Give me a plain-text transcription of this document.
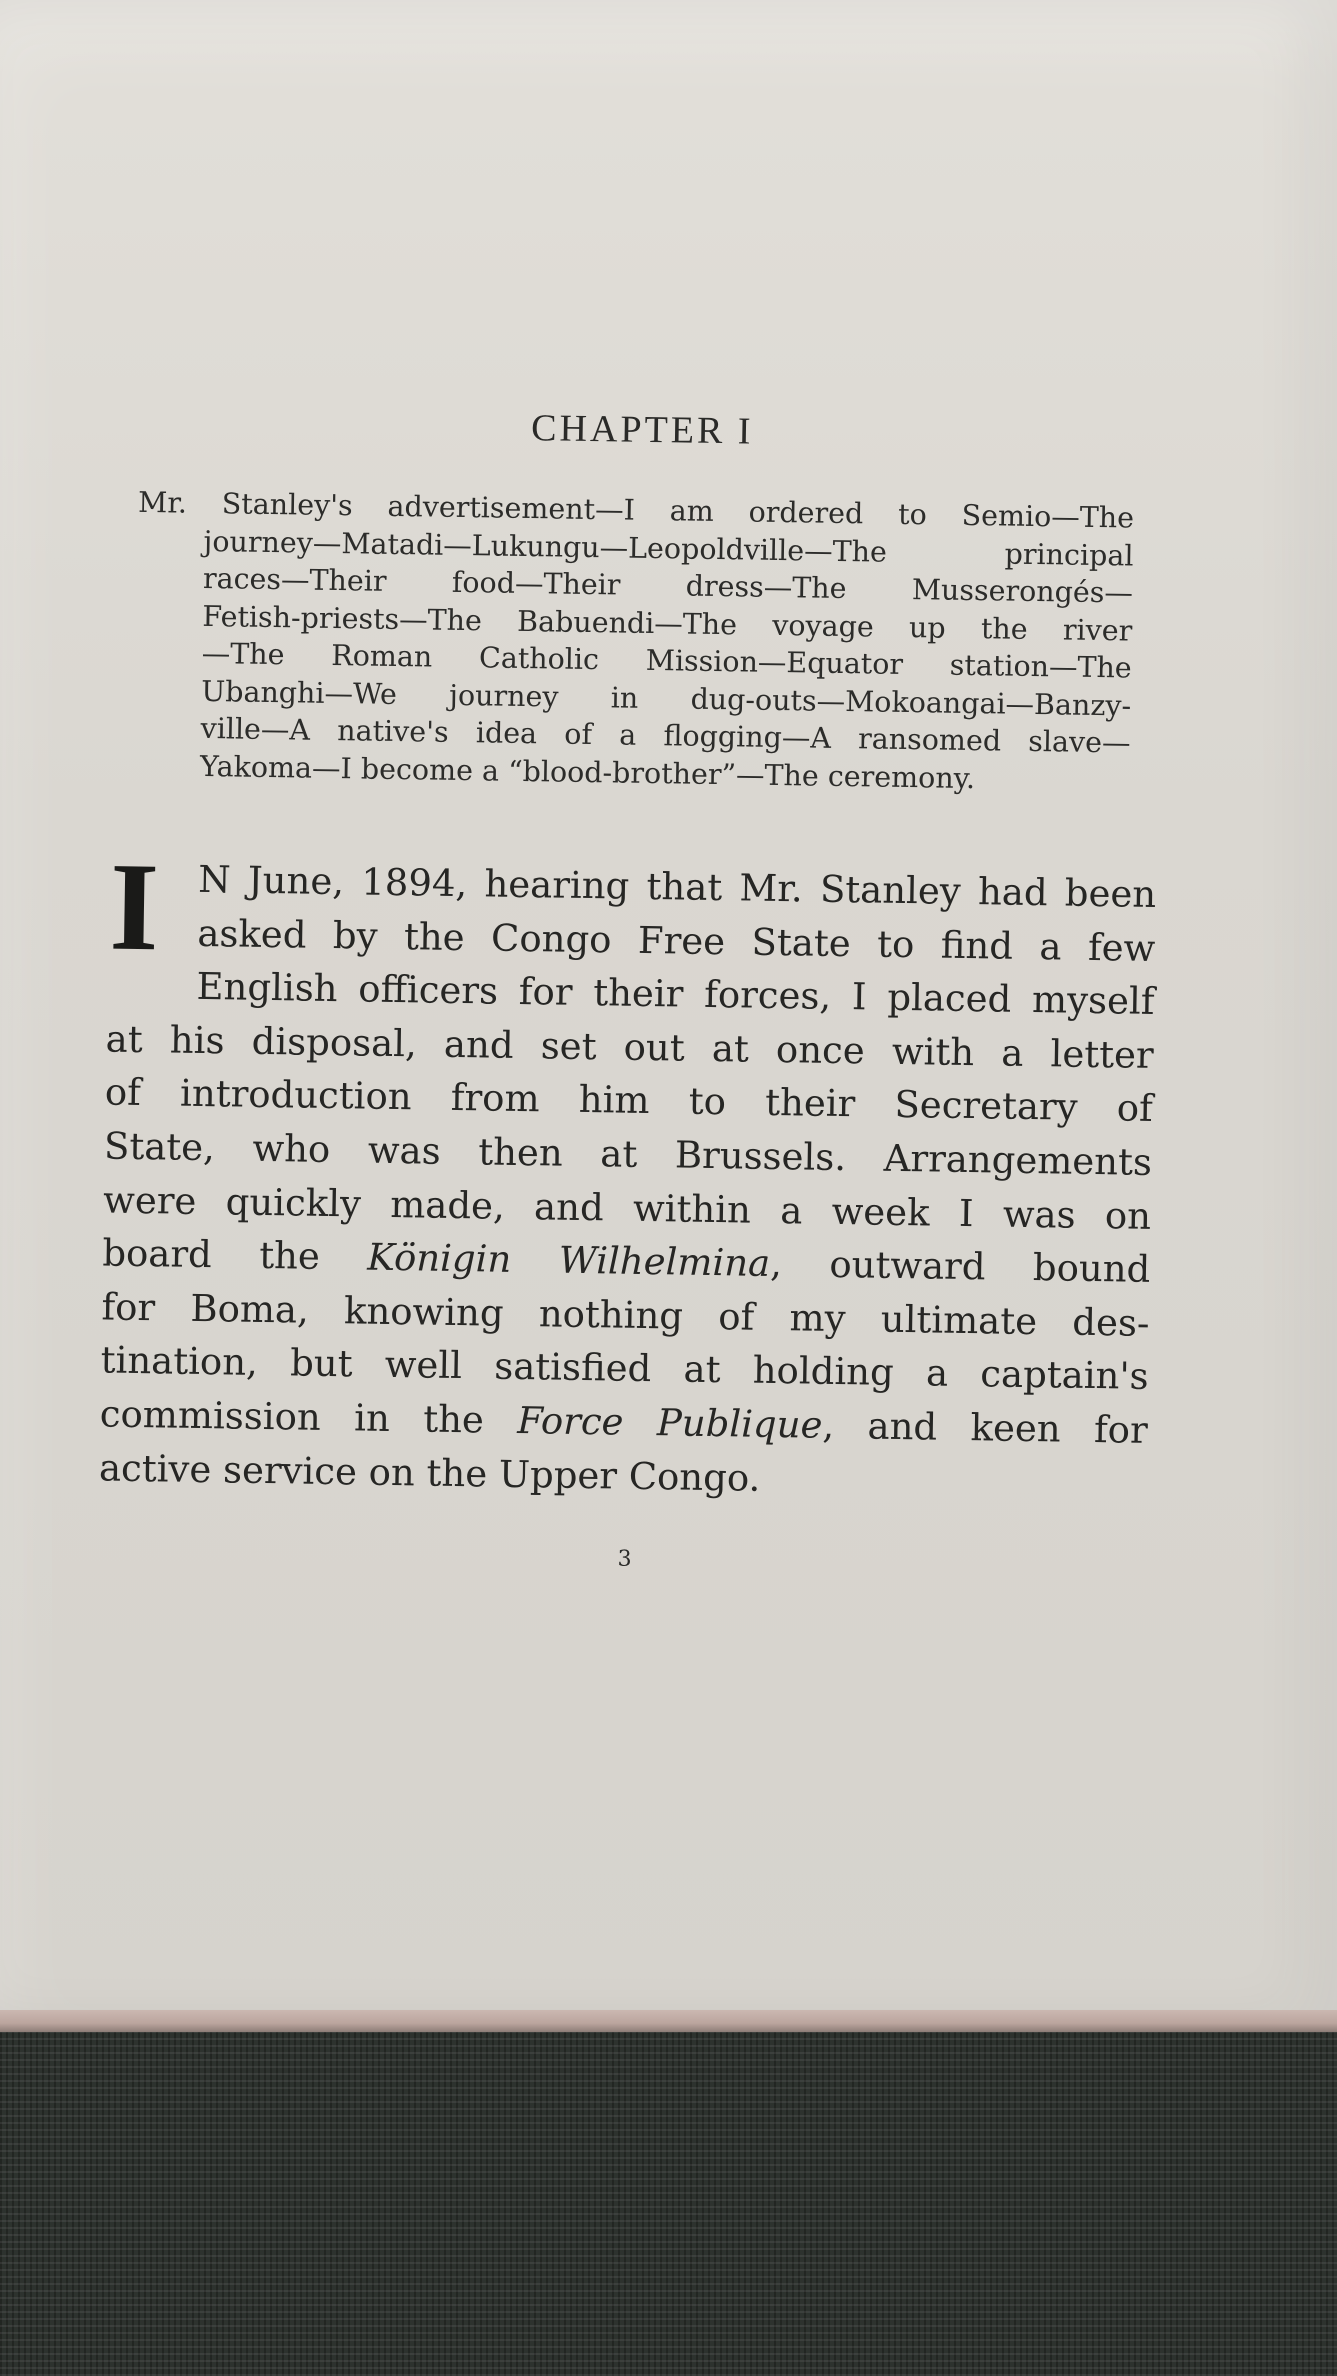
CHAPTER I
Mr. Stanley's advertisement—I am ordered to Semio—The
journey—Matadi—Lukungu—Leopoldville—The principal
races—Their food—Their dress—The Musserongés—
Fetish-priests—The Babuendi—The voyage up the river
—The Roman Catholic Mission—Equator station—The
Ubanghi—We journey in dug-outs—Mokoangai—Banzy-
ville—A native's idea of a flogging—A ransomed slave—
Yakoma—I become a “blood-brother”—The ceremony.
I N June, 1894, hearing that Mr. Stanley had been
asked by the Congo Free State to find a few
English officers for their forces, I placed myself
at his disposal, and set out at once with a letter
of introduction from him to their Secretary of
State, who was then at Brussels. Arrangements
were quickly made, and within a week I was on
board the Königin Wilhelmina, outward bound
for Boma, knowing nothing of my ultimate des-
tination, but well satisfied at holding a captain's
commission in the Force Publique, and keen for
active service on the Upper Congo.
3
